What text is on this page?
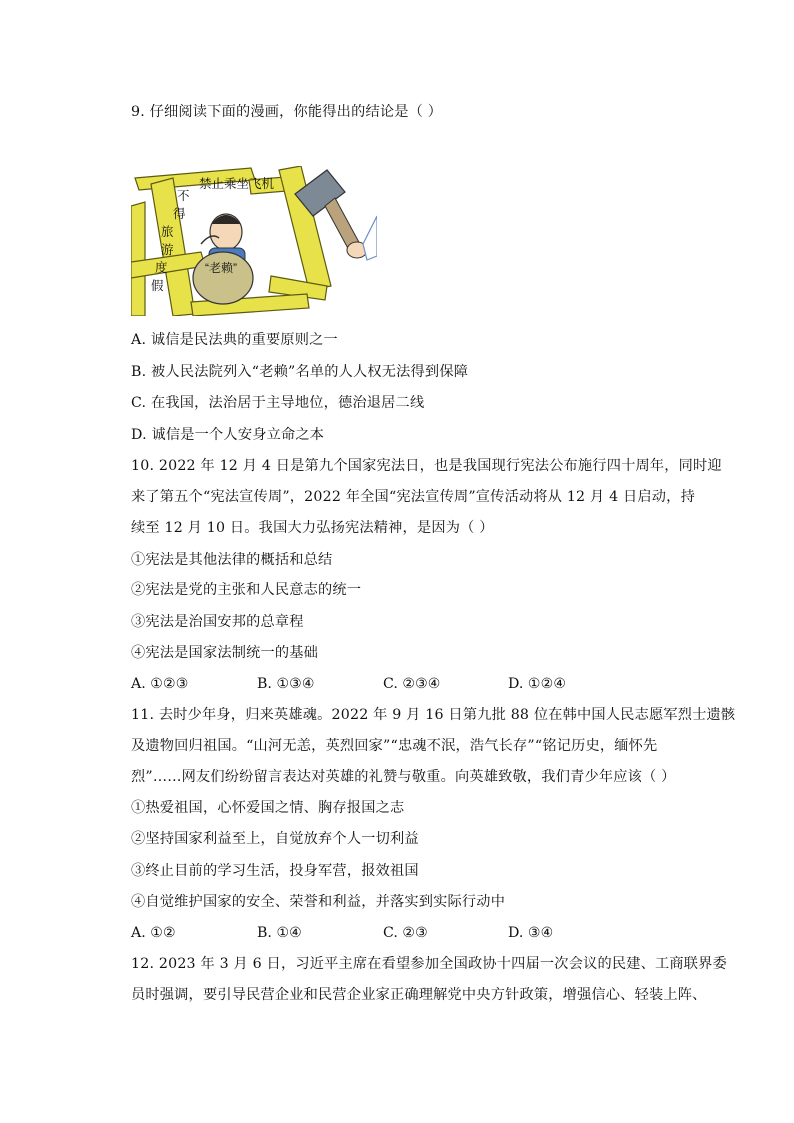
9. 仔细阅读下面的漫画，你能得出的结论是（ ）
禁止乘坐飞机
不
得
旅
游
度
假
“老赖”
A. 诚信是民法典的重要原则之一
B. 被人民法院列入“老赖”名单的人人权无法得到保障
C. 在我国，法治居于主导地位，德治退居二线
D. 诚信是一个人安身立命之本
10. 2022 年 12 月 4 日是第九个国家宪法日，也是我国现行宪法公布施行四十周年，同时迎
来了第五个“宪法宣传周”，2022 年全国“宪法宣传周”宣传活动将从 12 月 4 日启动，持
续至 12 月 10 日。我国大力弘扬宪法精神，是因为（ ）
①宪法是其他法律的概括和总结
②宪法是党的主张和人民意志的统一
③宪法是治国安邦的总章程
④宪法是国家法制统一的基础
A. ①②③	B. ①③④	C. ②③④	D. ①②④
11. 去时少年身，归来英雄魂。2022 年 9 月 16 日第九批 88 位在韩中国人民志愿军烈士遗骸
及遗物回归祖国。“山河无恙，英烈回家”“忠魂不泯，浩气长存”“铭记历史，缅怀先
烈”……网友们纷纷留言表达对英雄的礼赞与敬重。向英雄致敬，我们青少年应该（ ）
①热爱祖国，心怀爱国之情、胸存报国之志
②坚持国家利益至上，自觉放弃个人一切利益
③终止目前的学习生活，投身军营，报效祖国
④自觉维护国家的安全、荣誉和利益，并落实到实际行动中
A. ①②	B. ①④	C. ②③	D. ③④
12. 2023 年 3 月 6 日，习近平主席在看望参加全国政协十四届一次会议的民建、工商联界委
员时强调，要引导民营企业和民营企业家正确理解党中央方针政策，增强信心、轻装上阵、
